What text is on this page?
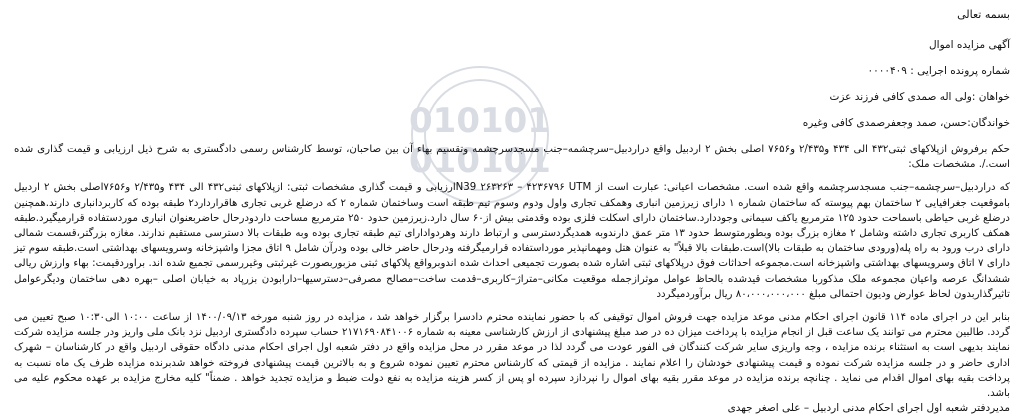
010101
010101
بسمه تعالی
آگهی مزایده اموال
شماره پرونده اجرایی : ۰۰۰۰۴۰۹
خواهان :ولی اله صمدی کافی فرزند عزت
خواندگان:حسن، صمد وجعفرصمدی کافی وغیره

حکم برفروش ازپلاکهای ثبتی۴۳۲ الی ۴۳۴ و۲/۴۳۵ و۷۶۵۶ اصلی بخش ۲ اردبیل واقع دراردبیل–سرچشمه–جنب مسجدسرچشمه وتقسیم بهاء آن بین صاحبان، توسط کارشناس رسمی دادگستری به شرح ذیل ارزیابی و قیمت گذاری شده است./. مشخصات ملک:

که دراردبیل–سرچشمه–جنب مسجدسرچشمه واقع شده است. مشخصات اعیانی: عبارت است از N39 ۲۶۳۲۶۳ – ۴۲۳۶۷۹۶ UTMارزیابی و قیمت گذاری مشخصات ثبتی: ازپلاکهای ثبتی۴۳۲ الی ۴۳۴ و۲/۴۳۵ و۷۶۵۶اصلی بخش ۲ اردبیل باموقعیت جغرافیایی ۲ ساختمان بهم پیوسته که ساختمان شماره ۱ دارای زیرزمین انباری وهمکف تجاری واول ودوم وسوم تیم طبقه است وساختمان شماره ۲ که درضلع غربی تجاری هاقراردارد۲ طبقه بوده که کاربردانباری دارند.همچنین درضلع غربی حیاطی باسماحت حدود ۱۲۵ مترمربع یاکف سیمانی وجوددارد.ساختمان دارای اسکلت فلزی بوده وقدمتی بیش از۶۰ سال دارد.زیرزمین حدود ۲۵۰ مترمربع مساحت داردودرحال حاضربعنوان انباری موردستفاده قرارمیگیرد.طبقه همکف کاربری تجاری داشته وشامل ۲ مغازه بزرگ بوده وبطورمتوسط حدود ۱۳ متر عمق دارندوبه همدیگردسترسی و ارتباط دارند وهردوادارای تیم طبقه تجاری بوده وبه طبقات بالا دسترسی مستقیم ندارند. مغازه بزرگتر،قسمت شمالی دارای درب ورود به راه پله(ورودی ساختمان به طبقات بالا)است.طبقات بالا قبلاً" به عنوان هتل ومهمانپذیر مورداستفاده قرارمیگرفته ودرحال حاضر خالی بوده ودرآن شامل ۹ اتاق مجزا واشپزخانه وسرویسهای بهداشتی است.طبقه سوم تیز دارای ۷ اتاق وسرویسهای بهداشتی واشپزخانه است.مجموعه احداثات فوق درپلاکهای ثبتی اشاره شده بصورت تجمیعی احداث شده اندوبرواقع پلاکهای ثبتی مزبوربصورت غیرثبتی وغیررسمی تجمیع شده اند. براوردقیمت: بهاء وارزش ریالی ششدانگ عرصه واعیان مجموعه ملک مذکوربا مشخصات قیدشده بالحاظ عوامل موثرازجمله موقعیت مکانی–متراژ–کاربری–قدمت ساخت–مصالح مصرفی–دسترسیها–دارابودن بزرپاد به خیابان اصلی –بهره دهی ساختمان ودیگرعوامل تاثیرگذاربدون لحاظ عوارض ودیون احتمالی مبلغ ۸۰،۰۰۰،۰۰۰،۰۰۰ ریال برآوردمیگردد

بنابر این در اجرای ماده ۱۱۴ قانون اجرای احکام مدنی موعد مزایده جهت فروش اموال توقیفی که با حضور نماینده محترم دادسرا برگزار خواهد شد ، مزایده در روز شنبه مورخه ۱۴۰۰/۰۹/۱۳ از ساعت ۱۰:۰۰ الی۱۰:۳۰ صبح تعیین می گردد. طالبین محترم می توانند یک ساعت قبل از انجام مزایده با پرداخت میزان ده در صد مبلغ پیشنهادی از ارزش کارشناسی معینه به شماره ۲۱۷۱۶۹۰۸۴۱۰۰۶ حساب سپرده دادگستری اردبیل نزد بانک ملی واریز ودر جلسه مزایده شرکت نمایند بدیهی است به استثناء برنده مزایده ، وجه واریزی سایر شرکت کنندگان فی الفور عودت می گردد لذا در موعد مقرر در محل مزایده واقع در دفتر شعبه اول اجرای احکام مدنی دادگاه حقوقی اردبیل واقع در کارشناسان – شهرک اداری حاضر و در جلسه مزایده شرکت نموده و قیمت پیشنهادی خودشان را اعلام نمایند . مزایده از قیمتی که کارشناس محترم تعیین نموده شروع و به بالاترین قیمت پیشنهادی فروخته خواهد شدبرنده مزایده ظرف یک ماه نسبت به پرداخت بقیه بهای اموال اقدام می نماید . چنانچه برنده مزایده در موعد مقرر بقیه بهای اموال را نپردازد سپرده او پس از کسر هزینه مزایده به نفع دولت ضبط و مزایده تجدید خواهد . ضمناً" کلیه مخارج مزایده بر عهده محکوم علیه می باشد.

مدیردفتر شعبه اول اجرای احکام مدنی اردبیل – علی اصغر جهدی
